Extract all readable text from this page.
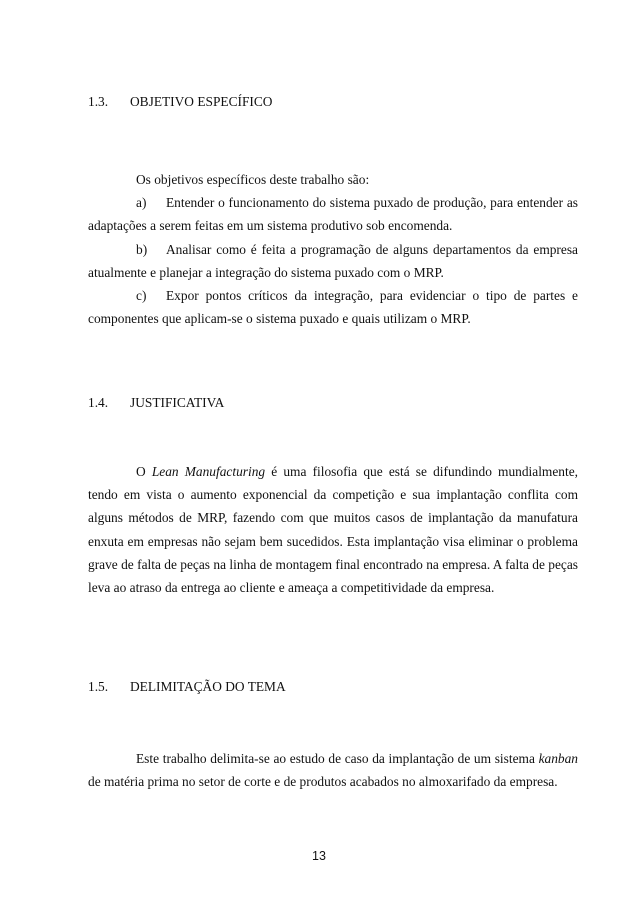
1.3. OBJETIVO ESPECÍFICO

Os objetivos específicos deste trabalho são:

a) Entender o funcionamento do sistema puxado de produção, para entender as adaptações a serem feitas em um sistema produtivo sob encomenda.

b) Analisar como é feita a programação de alguns departamentos da empresa atualmente e planejar a integração do sistema puxado com o MRP.

c) Expor pontos críticos da integração, para evidenciar o tipo de partes e componentes que aplicam-se o sistema puxado e quais utilizam o MRP.

1.4. JUSTIFICATIVA

O Lean Manufacturing é uma filosofia que está se difundindo mundialmente, tendo em vista o aumento exponencial da competição e sua implantação conflita com alguns métodos de MRP, fazendo com que muitos casos de implantação da manufatura enxuta em empresas não sejam bem sucedidos. Esta implantação visa eliminar o problema grave de falta de peças na linha de montagem final encontrado na empresa. A falta de peças leva ao atraso da entrega ao cliente e ameaça a competitividade da empresa.

1.5. DELIMITAÇÃO DO TEMA

Este trabalho delimita-se ao estudo de caso da implantação de um sistema kanban de matéria prima no setor de corte e de produtos acabados no almoxarifado da empresa.

13
